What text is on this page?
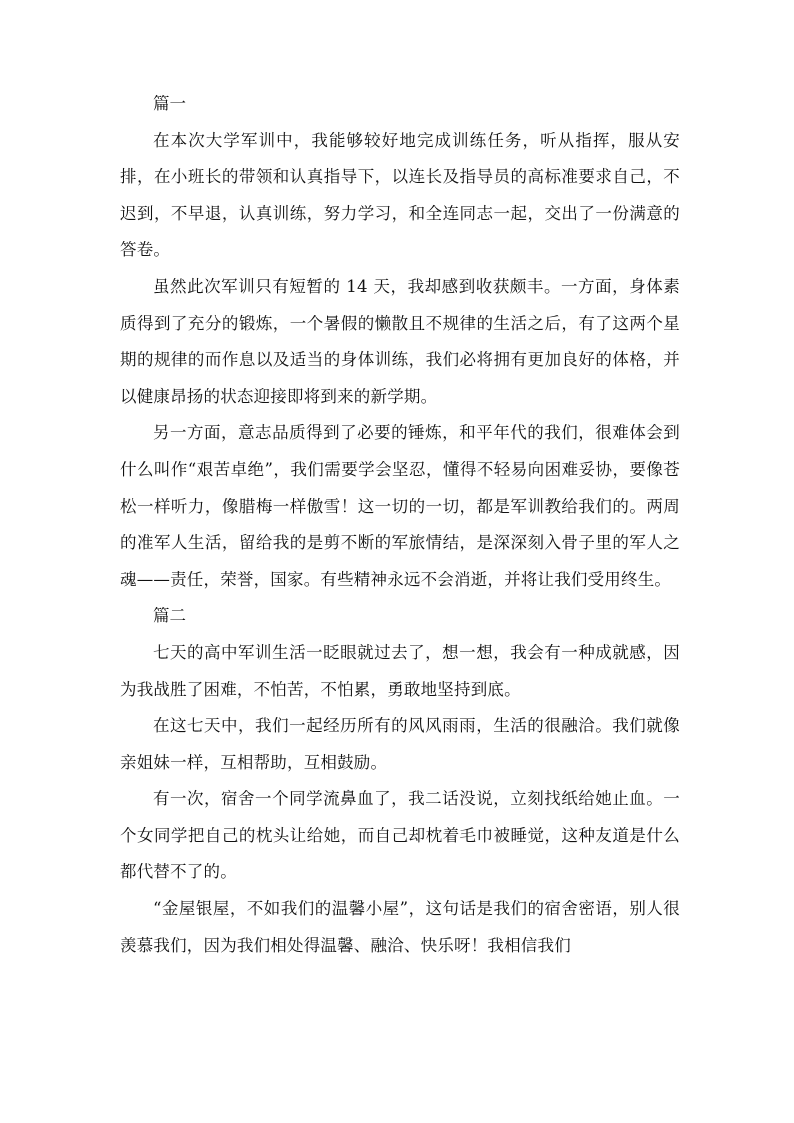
篇一

在本次大学军训中，我能够较好地完成训练任务，听从指挥，服从安排，在小班长的带领和认真指导下，以连长及指导员的高标准要求自己，不迟到，不早退，认真训练，努力学习，和全连同志一起，交出了一份满意的答卷。

虽然此次军训只有短暂的 14 天，我却感到收获颇丰。一方面，身体素质得到了充分的锻炼，一个暑假的懒散且不规律的生活之后，有了这两个星期的规律的而作息以及适当的身体训练，我们必将拥有更加良好的体格，并以健康昂扬的状态迎接即将到来的新学期。

另一方面，意志品质得到了必要的锤炼，和平年代的我们，很难体会到什么叫作“艰苦卓绝”，我们需要学会坚忍，懂得不轻易向困难妥协，要像苍松一样听力，像腊梅一样傲雪！这一切的一切，都是军训教给我们的。两周的准军人生活，留给我的是剪不断的军旅情结，是深深刻入骨子里的军人之魂——责任，荣誉，国家。有些精神永远不会消逝，并将让我们受用终生。

篇二

七天的高中军训生活一眨眼就过去了，想一想，我会有一种成就感，因为我战胜了困难，不怕苦，不怕累，勇敢地坚持到底。

在这七天中，我们一起经历所有的风风雨雨，生活的很融洽。我们就像亲姐妹一样，互相帮助，互相鼓励。

有一次，宿舍一个同学流鼻血了，我二话没说，立刻找纸给她止血。一个女同学把自己的枕头让给她，而自己却枕着毛巾被睡觉，这种友道是什么都代替不了的。

“金屋银屋，不如我们的温馨小屋”，这句话是我们的宿舍密语，别人很羡慕我们，因为我们相处得温馨、融洽、快乐呀！我相信我们
